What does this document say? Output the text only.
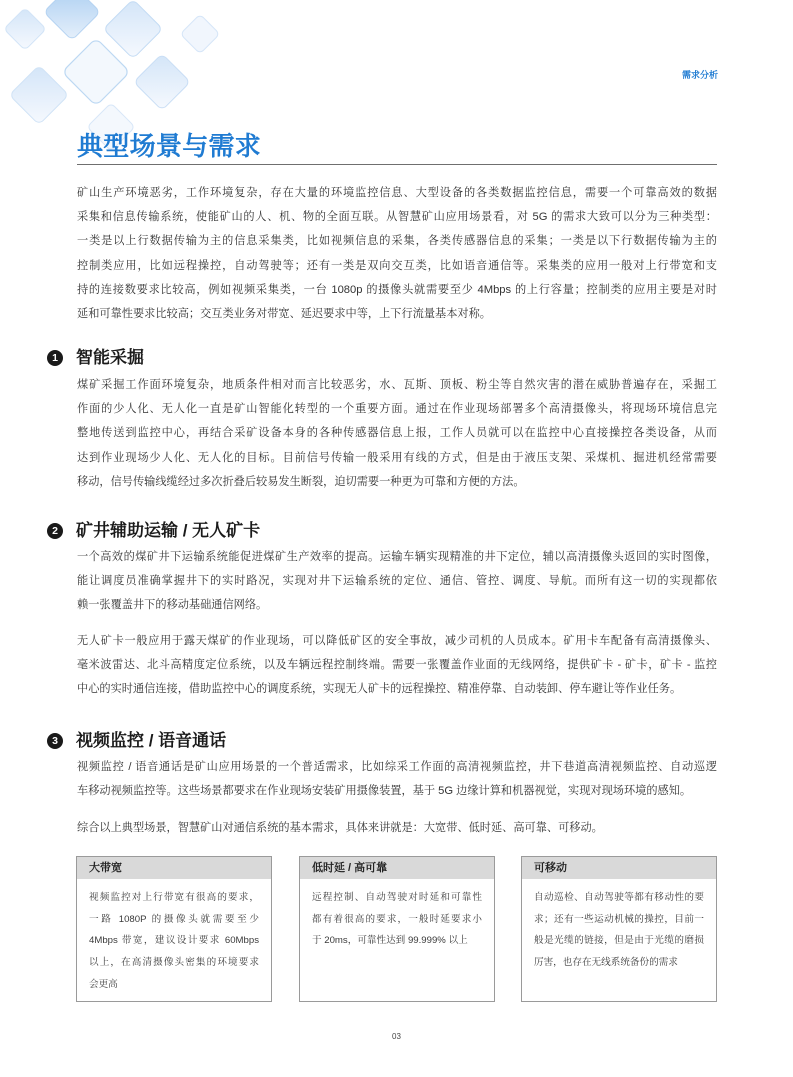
需求分析
典型场景与需求
矿山生产环境恶劣，工作环境复杂，存在大量的环境监控信息、大型设备的各类数据监控信息，需要一个可靠高效的数据
采集和信息传输系统，使能矿山的人、机、物的全面互联。从智慧矿山应用场景看，对 5G 的需求大致可以分为三种类型：
一类是以上行数据传输为主的信息采集类，比如视频信息的采集，各类传感器信息的采集；一类是以下行数据传输为主的
控制类应用，比如远程操控，自动驾驶等；还有一类是双向交互类，比如语音通信等。采集类的应用一般对上行带宽和支
持的连接数要求比较高，例如视频采集类，一台 1080p 的摄像头就需要至少 4Mbps 的上行容量；控制类的应用主要是对时
延和可靠性要求比较高；交互类业务对带宽、延迟要求中等，上下行流量基本对称。
1 智能采掘
煤矿采掘工作面环境复杂，地质条件相对而言比较恶劣，水、瓦斯、顶板、粉尘等自然灾害的潜在威胁普遍存在，采掘工
作面的少人化、无人化一直是矿山智能化转型的一个重要方面。通过在作业现场部署多个高清摄像头，将现场环境信息完
整地传送到监控中心，再结合采矿设备本身的各种传感器信息上报，工作人员就可以在监控中心直接操控各类设备，从而
达到作业现场少人化、无人化的目标。目前信号传输一般采用有线的方式，但是由于液压支架、采煤机、掘进机经常需要
移动，信号传输线缆经过多次折叠后较易发生断裂，迫切需要一种更为可靠和方便的方法。
2 矿井辅助运输 / 无人矿卡
一个高效的煤矿井下运输系统能促进煤矿生产效率的提高。运输车辆实现精准的井下定位，辅以高清摄像头返回的实时图像，
能让调度员准确掌握井下的实时路况，实现对井下运输系统的定位、通信、管控、调度、导航。而所有这一切的实现都依
赖一张覆盖井下的移动基础通信网络。
无人矿卡一般应用于露天煤矿的作业现场，可以降低矿区的安全事故，减少司机的人员成本。矿用卡车配备有高清摄像头、
毫米波雷达、北斗高精度定位系统，以及车辆远程控制终端。需要一张覆盖作业面的无线网络，提供矿卡 - 矿卡，矿卡 - 监控
中心的实时通信连接，借助监控中心的调度系统，实现无人矿卡的远程操控、精准停靠、自动装卸、停车避让等作业任务。
3 视频监控 / 语音通话
视频监控 / 语音通话是矿山应用场景的一个普适需求，比如综采工作面的高清视频监控，井下巷道高清视频监控、自动巡逻
车移动视频监控等。这些场景都要求在作业现场安装矿用摄像装置，基于 5G 边缘计算和机器视觉，实现对现场环境的感知。
综合以上典型场景，智慧矿山对通信系统的基本需求，具体来讲就是：大宽带、低时延、高可靠、可移动。
大带宽
视频监控对上行带宽有很高的要求，
一路 1080P 的摄像头就需要至少
4Mbps 带宽，建议设计要求 60Mbps
以上，在高清摄像头密集的环境要求
会更高
低时延 / 高可靠
远程控制、自动驾驶对时延和可靠性
都有着很高的要求，一般时延要求小
于 20ms，可靠性达到 99.999% 以上
可移动
自动巡检、自动驾驶等都有移动性的要
求；还有一些运动机械的操控，目前一
般是光缆的链接，但是由于光缆的磨损
厉害，也存在无线系统备份的需求
03
